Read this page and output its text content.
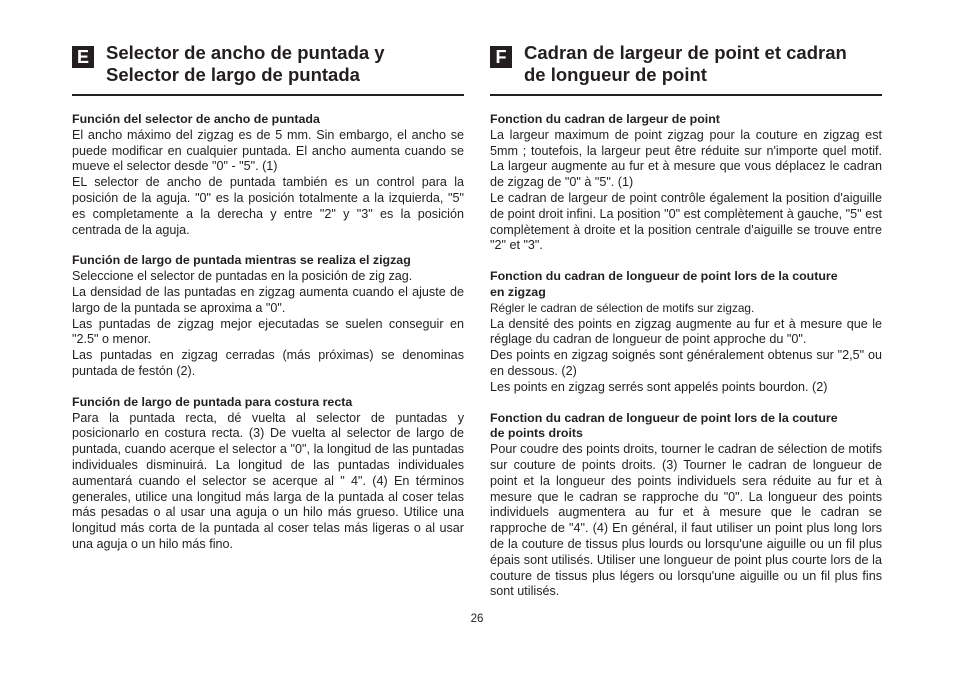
E Selector de ancho de puntada y
Selector de largo de puntada
Función del selector de ancho de puntada

El ancho máximo del zigzag es de 5 mm. Sin embargo, el ancho se puede modificar en cualquier puntada. El ancho aumenta cuando se mueve el selector desde "0" - "5". (1)

EL selector de ancho de puntada también es un control para la posición de la aguja. "0" es la posición totalmente a la izquierda, "5" es completamente a la derecha y entre "2" y "3" es la posición centrada de la aguja.

Función de largo de puntada mientras se realiza el zigzag

Seleccione el selector de puntadas en la posición de zig zag.

La densidad de las puntadas en zigzag aumenta cuando el ajuste de largo de la puntada se aproxima a "0".

Las puntadas de zigzag mejor ejecutadas se suelen conseguir en "2.5" o menor.

Las puntadas en zigzag cerradas (más próximas) se denominas puntada de festón (2).

Función de largo de puntada para costura recta

Para la puntada recta, dé vuelta al selector de puntadas y posicionarlo en costura recta. (3) De vuelta al selector de largo de puntada, cuando acerque el selector a "0", la longitud de las puntadas individuales disminuirá. La longitud de las puntadas individuales aumentará cuando el selector se acerque al " 4". (4) En términos generales, utilice una longitud más larga de la puntada al coser telas más pesadas o al usar una aguja o un hilo más grueso. Utilice una longitud más corta de la puntada al coser telas más ligeras o al usar una aguja o un hilo más fino.

F Cadran de largeur de point et cadran
de longueur de point
Fonction du cadran de largeur de point

La largeur maximum de point zigzag pour la couture en zigzag est 5mm ; toutefois, la largeur peut être réduite sur n'importe quel motif. La largeur augmente au fur et à mesure que vous déplacez le cadran de zigzag de "0" à "5". (1)

Le cadran de largeur de point contrôle également la position d'aiguille de point droit infini. La position "0" est complètement à gauche, "5" est complètement à droite et la position centrale d'aiguille se trouve entre "2" et "3".

Fonction du cadran de longueur de point lors de la couture
en zigzag

Régler le cadran de sélection de motifs sur zigzag.

La densité des points en zigzag augmente au fur et à mesure que le réglage du cadran de longueur de point approche du "0".

Des points en zigzag soignés sont généralement obtenus sur "2,5" ou en dessous. (2)

Les points en zigzag serrés sont appelés points bourdon. (2)

Fonction du cadran de longueur de point lors de la couture
de points droits

Pour coudre des points droits, tourner le cadran de sélection de motifs sur couture de points droits. (3) Tourner le cadran de longueur de point et la longueur des points individuels sera réduite au fur et à mesure que le cadran se rapproche du "0". La longueur des points individuels augmentera au fur et à mesure que le cadran se rapproche de "4". (4) En général, il faut utiliser un point plus long lors de la couture de tissus plus lourds ou lorsqu'une aiguille ou un fil plus épais sont utilisés. Utiliser une longueur de point plus courte lors de la couture de tissus plus légers ou lorsqu'une aiguille ou un fil plus fins sont utilisés.

26
